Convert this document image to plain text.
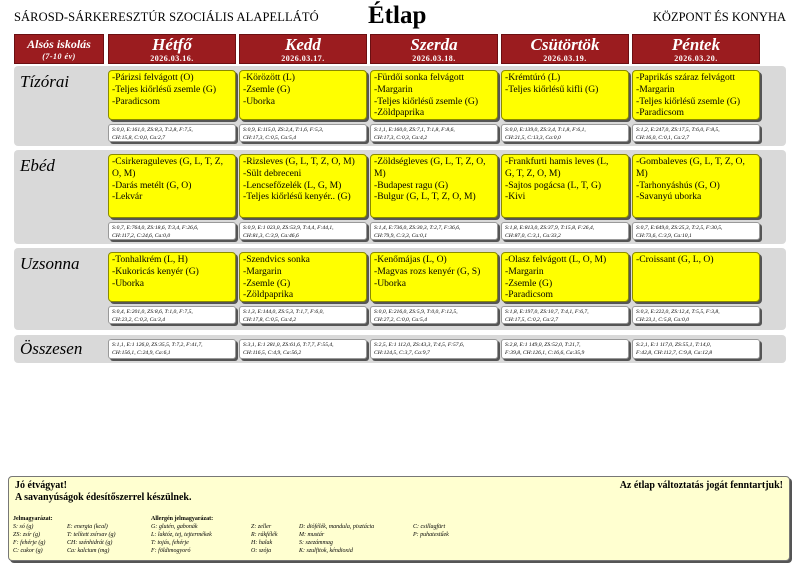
SÁROSD-SÁRKERESZTÚR SZOCIÁLIS ALAPELLÁTÓ Étlap	KÖZPONT ÉS KONYHA
Alsós iskolás
(7-10 év)
Hétfő
2026.03.16.
Kedd
2026.03.17.
Szerda
2026.03.18.
Csütörtök
2026.03.19.
Péntek
2026.03.20.
Tízórai
Ebéd
Uzsonna
Összesen
-Párizsi felvágott (O)
-Teljes kiőrlésű zsemle (G)
-Paradicsom
S:0,0, E:161,0, ZS:8,3, T:2,8, F:7,5,
CH:15,8, C:0,0, Ca:2,7
-Körözött (L)
-Zsemle (G)
-Uborka
S:0,9, E:115,0, ZS:2,4, T:1,6, F:5,3,
CH:17,3, C:0,5, Ca:5,4
-Fürdői sonka felvágott
-Margarin
-Teljes kiőrlésű zsemle (G)
-Zöldpaprika
S:1,1, E:160,0, ZS:7,1, T:1,8, F:8,6,
CH:17,3, C:0,3, Ca:4,2
-Krémtúró (L)
-Teljes kiőrlésű kifli (G)
S:0,0, E:139,0, ZS:3,4, T:1,8, F:6,1,
CH:21,5, C:13,3, Ca:0,0
-Paprikás száraz felvágott
-Margarin
-Teljes kiőrlésű zsemle (G)
-Paradicsom
S:1,2, E:247,0, ZS:17,5, T:6,0, F:8,5,
CH:16,0, C:0,1, Ca:2,7
-Csirkeraguleves (G, L, T, Z,
O, M)
-Darás metélt (G, O)
-Lekvár
S:0,7, E:764,0, ZS:18,6, T:3,4, F:26,6,
CH:117,2, C:24,6, Ca:0,0
-Rizsleves (G, L, T, Z, O, M)
-Sült debreceni
-Lencsefőzelék (L, G, M)
-Teljes kiőrlésű kenyér.. (G)
S:0,9, E:1 023,0, ZS:53,9, T:4,4, F:44,1,
CH:81,3, C:3,9, Ca:46,6
-Zöldségleves (G, L, T, Z, O,
M)
-Budapest ragu (G)
-Bulgur (G, L, T, Z, O, M)
S:1,4, E:736,0, ZS:30,3, T:2,7, F:36,6,
CH:79,9, C:3,3, Ca:0,1
-Frankfurti hamis leves (L,
G, T, Z, O, M)
-Sajtos pogácsa (L, T, G)
-Kivi
S:1,8, E:813,0, ZS:37,9, T:15,8, F:26,4,
CH:87,0, C:3,1, Ca:33,2
-Gombaleves (G, L, T, Z, O,
M)
-Tarhonyáshús (G, O)
-Savanyú uborka
S:0,7, E:649,0, ZS:25,3, T:2,5, F:30,5,
CH:73,6, C:3,9, Ca:10,1
-Tonhalkrém (L, H)
-Kukoricás kenyér (G)
-Uborka
S:0,4, E:201,0, ZS:8,6, T:1,0, F:7,5,
CH:23,2, C:0,3, Ca:3,4
-Szendvics sonka
-Margarin
-Zsemle (G)
-Zöldpaprika
S:1,3, E:144,0, ZS:5,3, T:1,7, F:6,0,
CH:17,8, C:0,5, Ca:4,2
-Kenőmájas (L, O)
-Magvas rozs kenyér (G, S)
-Uborka
S:0,0, E:216,0, ZS:5,9, T:0,0, F:12,5,
CH:27,2, C:0,0, Ca:5,4
-Olasz felvágott (L, O, M)
-Margarin
-Zsemle (G)
-Paradicsom
S:1,8, E:197,0, ZS:10,7, T:4,1, F:6,7,
CH:17,5, C:0,2, Ca:2,7
-Croissant (G, L, O)
S:0,3, E:222,0, ZS:12,4, T:5,5, F:3,8,
CH:23,1, C:5,8, Ca:0,0
S:1,1, E:1 126,0, ZS:35,5, T:7,2, F:41,7,
CH:156,1, C:24,9, Ca:6,1
S:3,1, E:1 281,0, ZS:61,6, T:7,7, F:55,4,
CH:116,5, C:4,9, Ca:56,2
S:2,5, E:1 112,0, ZS:43,3, T:4,5, F:57,6,
CH:124,5, C:3,7, Ca:9,7
S:2,8, E:1 149,0, ZS:52,0, T:21,7,
F:39,8, CH:126,1, C:16,6, Ca:35,9
S:2,1, E:1 117,0, ZS:55,1, T:14,0,
F:42,8, CH:112,7, C:9,8, Ca:12,8
Jó étvágyat!
A savanyúságok édesítőszerrel készülnek.
Az étlap változtatás jogát fenntartjuk!
Jelmagyarázat:	Allergén jelmagyarázat:
S: só (g)
ZS: zsír (g)
F: fehérje (g)
C: cukor (g)
E: energia (kcal)
T: telített zsírsav (g)
CH: szénhidrát (g)
Ca: kalcium (mg)
G: glutén, gabonák
L: laktóz, tej, tejtermékek
T: tojás, fehérje
F: földimogyoró
Z: zeller
R: rákfélék
H: halak
O: szója
D: diófélék, mandula, pisztácia
M: mustár
S: szezámmag
K: szulfitok, kéndioxid
C: csillagfürt
P: puhatestűek
